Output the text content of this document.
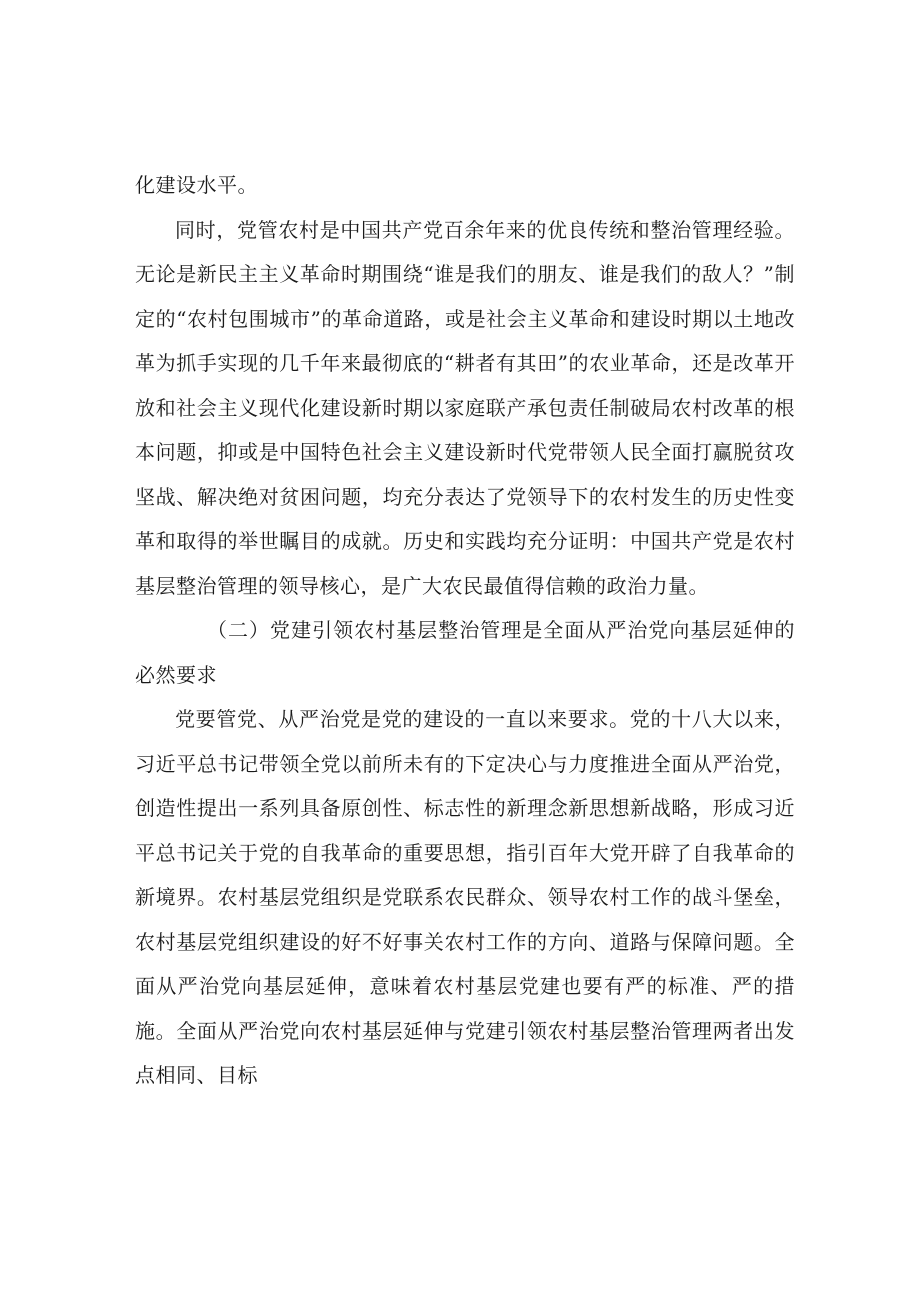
化建设水平。

同时，党管农村是中国共产党百余年来的优良传统和整治管理经验。无论是新民主主义革命时期围绕“谁是我们的朋友、谁是我们的敌人？”制定的“农村包围城市”的革命道路，或是社会主义革命和建设时期以土地改革为抓手实现的几千年来最彻底的“耕者有其田”的农业革命，还是改革开放和社会主义现代化建设新时期以家庭联产承包责任制破局农村改革的根本问题，抑或是中国特色社会主义建设新时代党带领人民全面打赢脱贫攻坚战、解决绝对贫困问题，均充分表达了党领导下的农村发生的历史性变革和取得的举世瞩目的成就。历史和实践均充分证明：中国共产党是农村基层整治管理的领导核心，是广大农民最值得信赖的政治力量。

（二）党建引领农村基层整治管理是全面从严治党向基层延伸的必然要求

党要管党、从严治党是党的建设的一直以来要求。党的十八大以来，习近平总书记带领全党以前所未有的下定决心与力度推进全面从严治党，创造性提出一系列具备原创性、标志性的新理念新思想新战略，形成习近平总书记关于党的自我革命的重要思想，指引百年大党开辟了自我革命的新境界。农村基层党组织是党联系农民群众、领导农村工作的战斗堡垒，农村基层党组织建设的好不好事关农村工作的方向、道路与保障问题。全面从严治党向基层延伸，意味着农村基层党建也要有严的标准、严的措施。全面从严治党向农村基层延伸与党建引领农村基层整治管理两者出发点相同、目标
